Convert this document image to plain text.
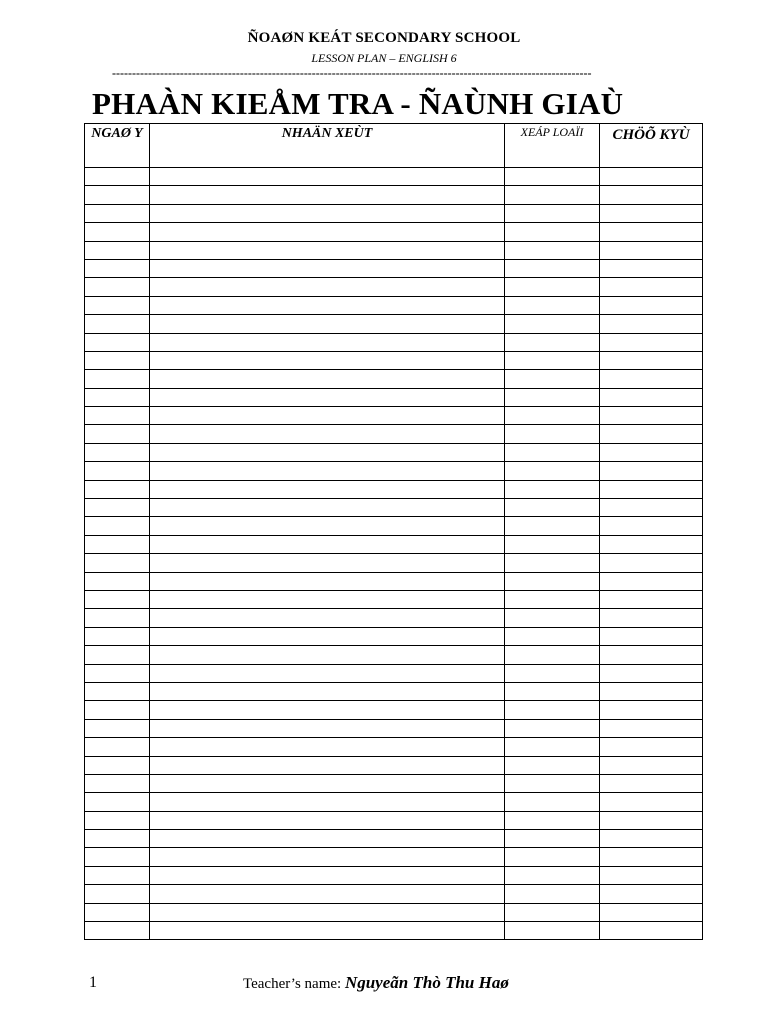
ÑOAØN KEÁT SECONDARY SCHOOL
LESSON PLAN – ENGLISH 6
------------------------------------------------------------------------------------------------------------------------
PHAÀN KIEÅM TRA - ÑAÙNH GIAÙ
NGAØ Y	NHAÄN XEÙT	XEÁP LOAÏI	CHÖÕ KYÙ

1	Teacher’s name: Nguyeãn Thò Thu Haø
